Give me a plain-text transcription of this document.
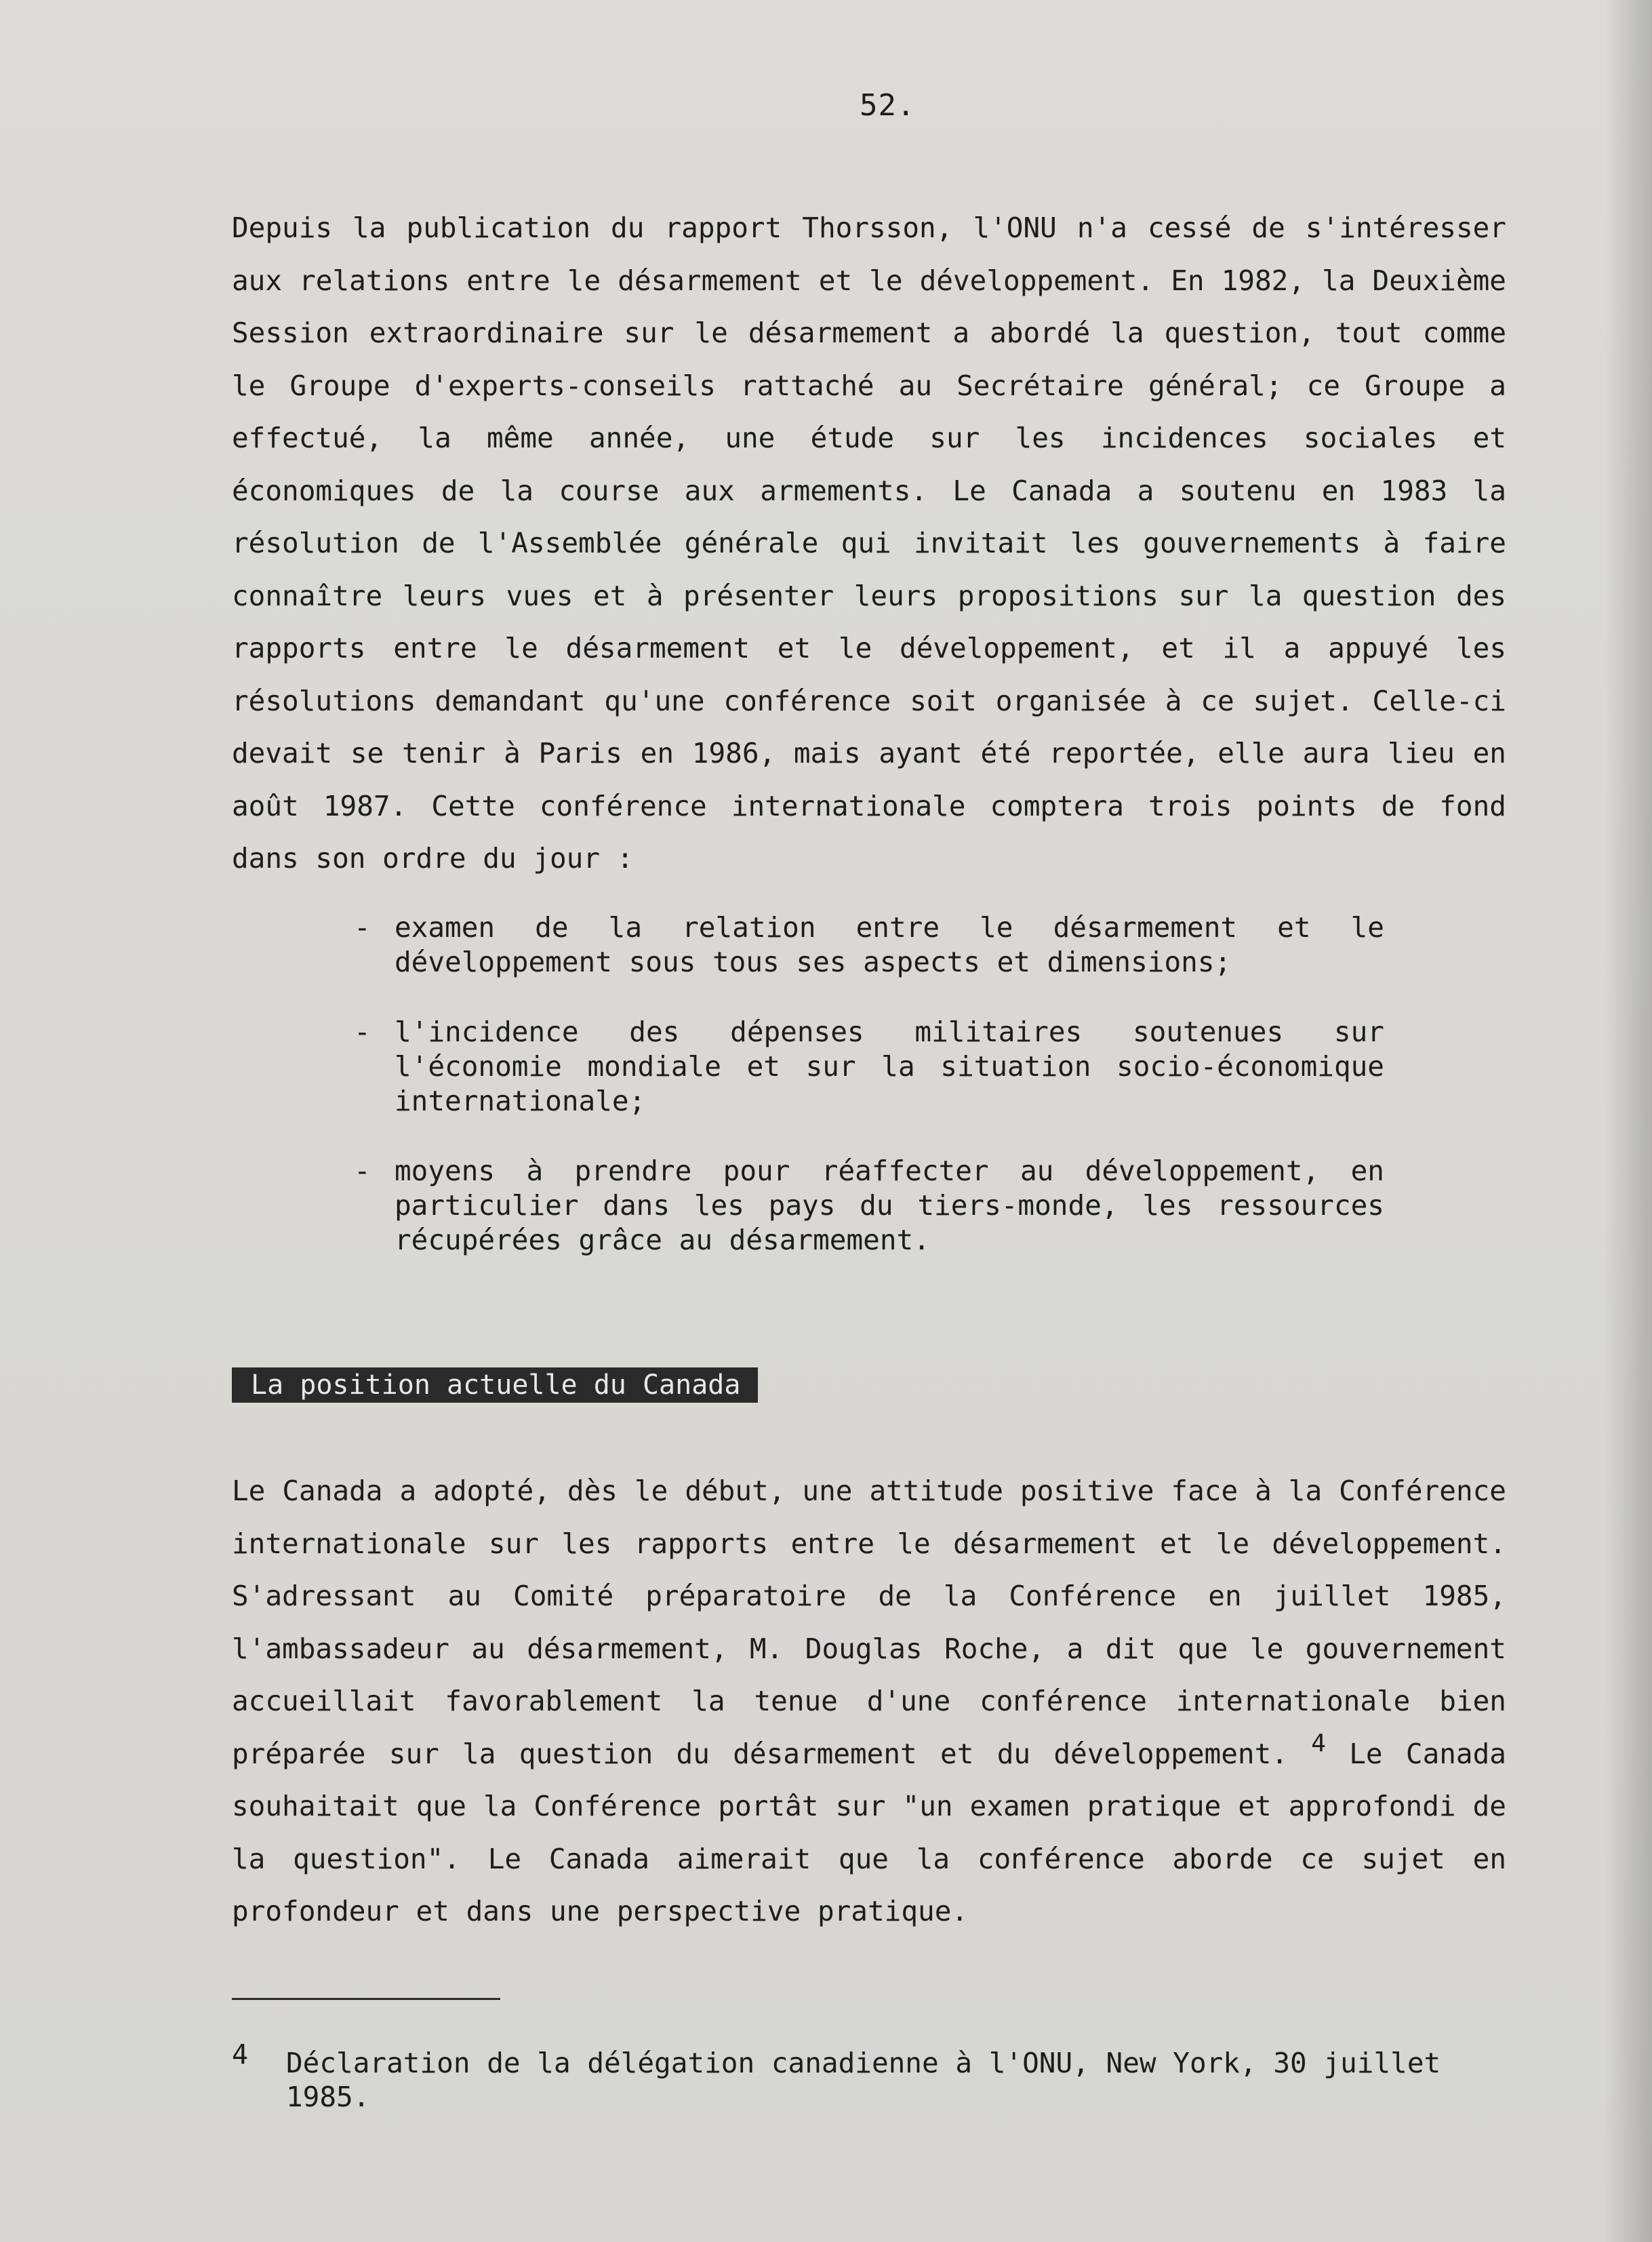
52.
Depuis la publication du rapport Thorsson, l'ONU n'a cessé de s'intéresser aux relations entre le désarmement et le développement. En 1982, la Deuxième Session extraordinaire sur le désarmement a abordé la question, tout comme le Groupe d'experts-conseils rattaché au Secrétaire général; ce Groupe a effectué, la même année, une étude sur les incidences sociales et économiques de la course aux armements. Le Canada a soutenu en 1983 la résolution de l'Assemblée générale qui invitait les gouvernements à faire connaître leurs vues et à présenter leurs propositions sur la question des rapports entre le désarmement et le développement, et il a appuyé les résolutions demandant qu'une conférence soit organisée à ce sujet. Celle-ci devait se tenir à Paris en 1986, mais ayant été reportée, elle aura lieu en août 1987. Cette conférence internationale comptera trois points de fond dans son ordre du jour :
- examen de la relation entre le désarmement et le développement sous tous ses aspects et dimensions;
- l'incidence des dépenses militaires soutenues sur l'économie mondiale et sur la situation socio-économique internationale;
- moyens à prendre pour réaffecter au développement, en particulier dans les pays du tiers-monde, les ressources récupérées grâce au désarmement.
La position actuelle du Canada
Le Canada a adopté, dès le début, une attitude positive face à la Conférence internationale sur les rapports entre le désarmement et le développement. S'adressant au Comité préparatoire de la Conférence en juillet 1985, l'ambassadeur au désarmement, M. Douglas Roche, a dit que le gouvernement accueillait favorablement la tenue d'une conférence internationale bien préparée sur la question du désarmement et du développement. $^4$ Le Canada souhaitait que la Conférence portât sur "un examen pratique et approfondi de la question". Le Canada aimerait que la conférence aborde ce sujet en profondeur et dans une perspective pratique.
4 Déclaration de la délégation canadienne à l'ONU, New York, 30 juillet 1985.
